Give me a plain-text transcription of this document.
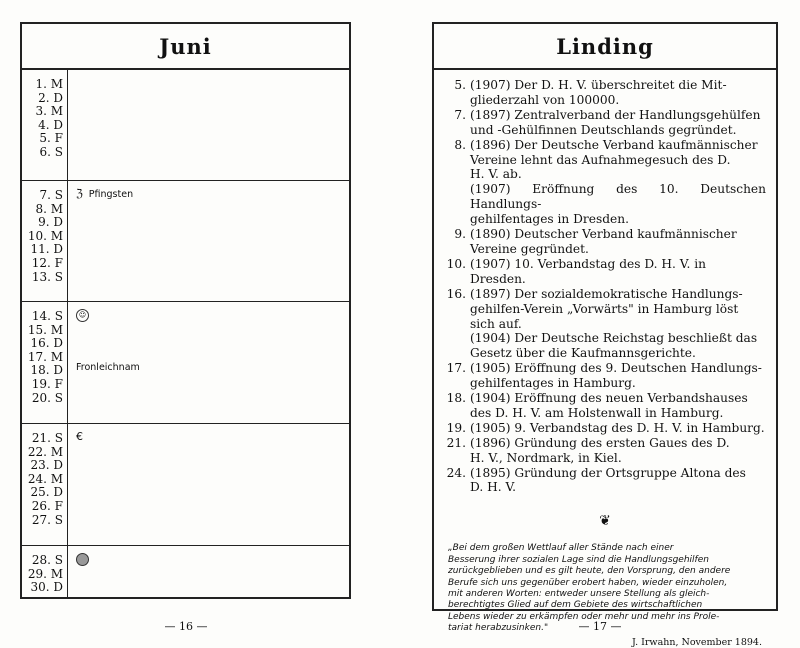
Juni
1. M
2. D
3. M
4. D
5. F
6. S
7. S
8. M
9. D
10. M
11. D
12. F
13. S
ℨ Pfingsten
14. S
15. M
16. D
17. M
18. D
19. F
20. S
☺
Fronleichnam
21. S
22. M
23. D
24. M
25. D
26. F
27. S
€
28. S
29. M
30. D
— 16 —
Linding
5. (1907) Der D. H. V. überschreitet die Mit-
gliederzahl von 100000.
7. (1897) Zentralverband der Handlungsgehülfen
und -Gehülfinnen Deutschlands gegründet.
8. (1896) Der Deutsche Verband kaufmännischer
Vereine lehnt das Aufnahmegesuch des D.
H. V. ab.
(1907) Eröffnung des 10. Deutschen Handlungs-
gehilfentages in Dresden.
9. (1890) Deutscher Verband kaufmännischer
Vereine gegründet.
10. (1907) 10. Verbandstag des D. H. V. in
Dresden.
16. (1897) Der sozialdemokratische Handlungs-
gehilfen-Verein „Vorwärts" in Hamburg löst
sich auf.
(1904) Der Deutsche Reichstag beschließt das
Gesetz über die Kaufmannsgerichte.
17. (1905) Eröffnung des 9. Deutschen Handlungs-
gehilfentages in Hamburg.
18. (1904) Eröffnung des neuen Verbandshauses
des D. H. V. am Holstenwall in Hamburg.
19. (1905) 9. Verbandstag des D. H. V. in Hamburg.
21. (1896) Gründung des ersten Gaues des D.
H. V., Nordmark, in Kiel.
24. (1895) Gründung der Ortsgruppe Altona des
D. H. V.
❦
„Bei dem großen Wettlauf aller Stände nach einer
Besserung ihrer sozialen Lage sind die Handlungsgehilfen
zurückgeblieben und es gilt heute, den Vorsprung, den andere
Berufe sich uns gegenüber erobert haben, wieder einzuholen,
mit anderen Worten: entweder unsere Stellung als gleich-
berechtigtes Glied auf dem Gebiete des wirtschaftlichen
Lebens wieder zu erkämpfen oder mehr und mehr ins Prole-
tariat herabzusinken."
J. Irwahn, November 1894.
— 17 —
